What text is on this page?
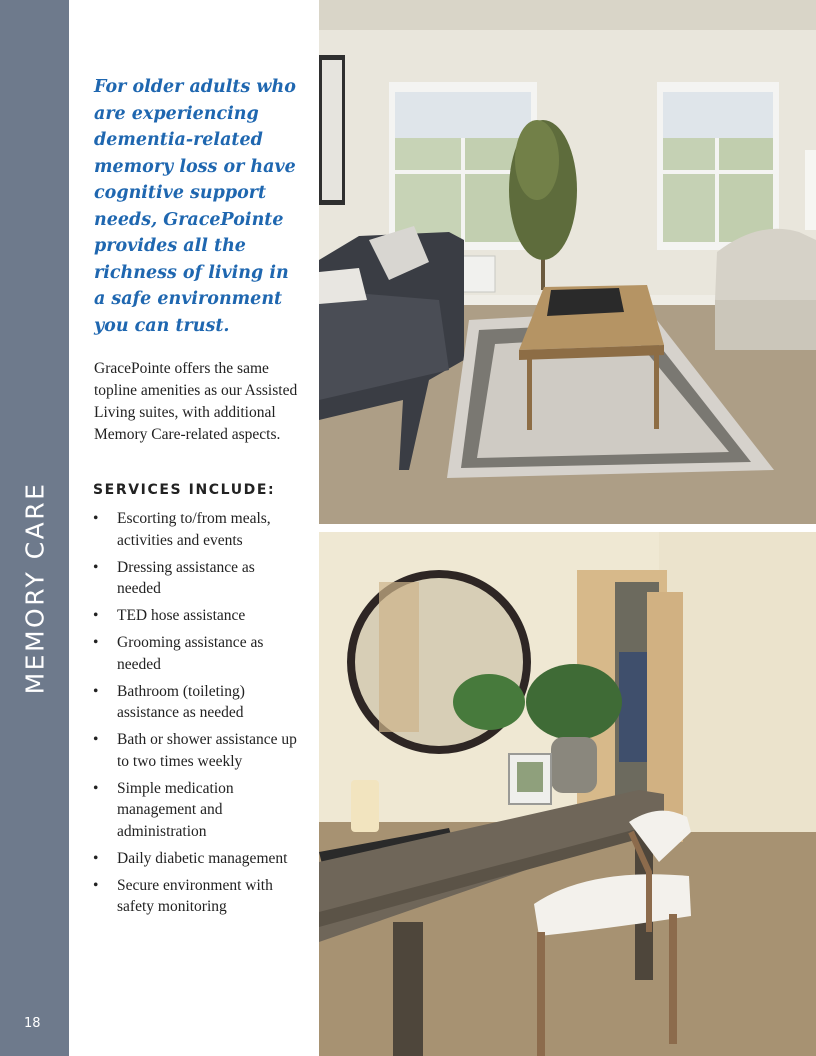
MEMORY CARE
18

For older adults who are experiencing dementia-related memory loss or have cognitive support needs, GracePointe provides all the richness of living in a safe environment you can trust.

GracePointe offers the same topline amenities as our Assisted Living suites, with additional Memory Care-related aspects.

SERVICES INCLUDE:
• Escorting to/from meals, activities and events
• Dressing assistance as needed
• TED hose assistance
• Grooming assistance as needed
• Bathroom (toileting) assistance as needed
• Bath or shower assistance up to two times weekly
• Simple medication management and administration
• Daily diabetic management
• Secure environment with safety monitoring
